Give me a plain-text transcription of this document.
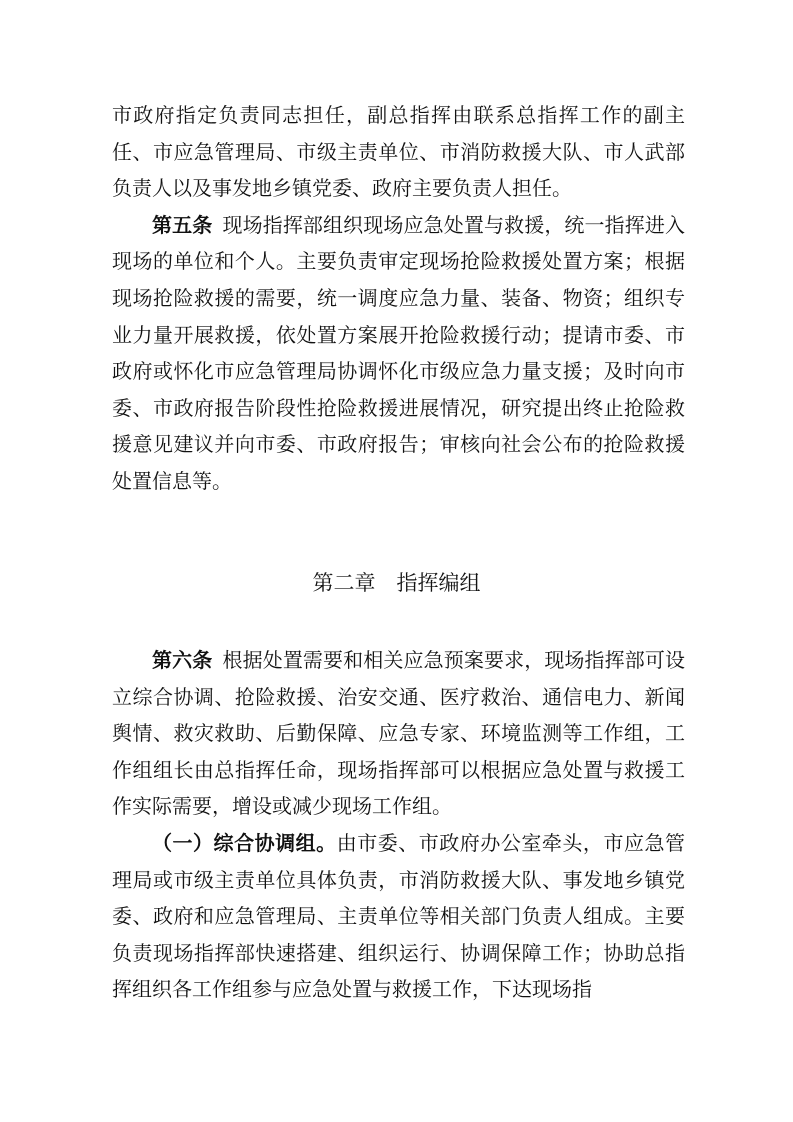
市政府指定负责同志担任，副总指挥由联系总指挥工作的副主任、市应急管理局、市级主责单位、市消防救援大队、市人武部负责人以及事发地乡镇党委、政府主要负责人担任。

第五条  现场指挥部组织现场应急处置与救援，统一指挥进入现场的单位和个人。主要负责审定现场抢险救援处置方案；根据现场抢险救援的需要，统一调度应急力量、装备、物资；组织专业力量开展救援，依处置方案展开抢险救援行动；提请市委、市政府或怀化市应急管理局协调怀化市级应急力量支援；及时向市委、市政府报告阶段性抢险救援进展情况，研究提出终止抢险救援意见建议并向市委、市政府报告；审核向社会公布的抢险救援处置信息等。

第二章　指挥编组

第六条  根据处置需要和相关应急预案要求，现场指挥部可设立综合协调、抢险救援、治安交通、医疗救治、通信电力、新闻舆情、救灾救助、后勤保障、应急专家、环境监测等工作组，工作组组长由总指挥任命，现场指挥部可以根据应急处置与救援工作实际需要，增设或减少现场工作组。

（一）综合协调组。由市委、市政府办公室牵头，市应急管理局或市级主责单位具体负责，市消防救援大队、事发地乡镇党委、政府和应急管理局、主责单位等相关部门负责人组成。主要负责现场指挥部快速搭建、组织运行、协调保障工作；协助总指挥组织各工作组参与应急处置与救援工作，下达现场指
